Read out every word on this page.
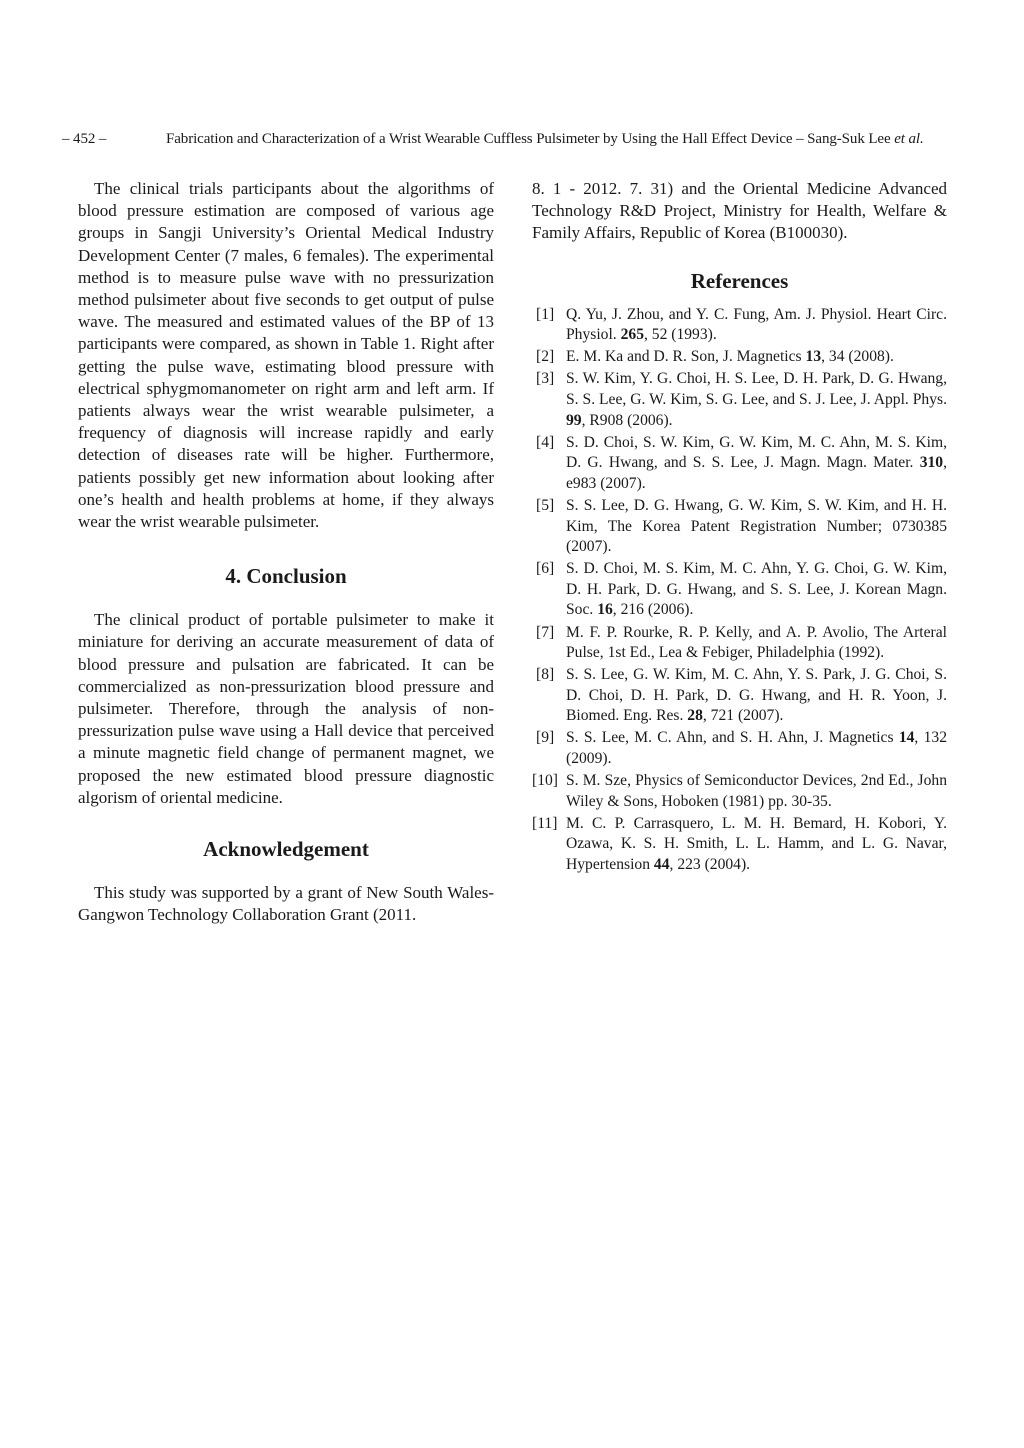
– 452 –	Fabrication and Characterization of a Wrist Wearable Cuffless Pulsimeter by Using the Hall Effect Device – Sang-Suk Lee et al.

The clinical trials participants about the algorithms of blood pressure estimation are composed of various age groups in Sangji University’s Oriental Medical Industry Development Center (7 males, 6 females). The experimental method is to measure pulse wave with no pressurization method pulsimeter about five seconds to get output of pulse wave. The measured and estimated values of the BP of 13 participants were compared, as shown in Table 1. Right after getting the pulse wave, estimating blood pressure with electrical sphygmomanometer on right arm and left arm. If patients always wear the wrist wearable pulsimeter, a frequency of diagnosis will increase rapidly and early detection of diseases rate will be higher. Furthermore, patients possibly get new information about looking after one’s health and health problems at home, if they always wear the wrist wearable pulsimeter.

4. Conclusion

The clinical product of portable pulsimeter to make it miniature for deriving an accurate measurement of data of blood pressure and pulsation are fabricated. It can be commercialized as non-pressurization blood pressure and pulsimeter. Therefore, through the analysis of non-pressurization pulse wave using a Hall device that perceived a minute magnetic field change of permanent magnet, we proposed the new estimated blood pressure diagnostic algorism of oriental medicine.

Acknowledgement

This study was supported by a grant of New South Wales-Gangwon Technology Collaboration Grant (2011.

8. 1 - 2012. 7. 31) and the Oriental Medicine Advanced Technology R&D Project, Ministry for Health, Welfare & Family Affairs, Republic of Korea (B100030).

References
[1] Q. Yu, J. Zhou, and Y. C. Fung, Am. J. Physiol. Heart Circ. Physiol. 265, 52 (1993).
[2] E. M. Ka and D. R. Son, J. Magnetics 13, 34 (2008).
[3] S. W. Kim, Y. G. Choi, H. S. Lee, D. H. Park, D. G. Hwang, S. S. Lee, G. W. Kim, S. G. Lee, and S. J. Lee, J. Appl. Phys. 99, R908 (2006).
[4] S. D. Choi, S. W. Kim, G. W. Kim, M. C. Ahn, M. S. Kim, D. G. Hwang, and S. S. Lee, J. Magn. Magn. Mater. 310, e983 (2007).
[5] S. S. Lee, D. G. Hwang, G. W. Kim, S. W. Kim, and H. H. Kim, The Korea Patent Registration Number; 0730385 (2007).
[6] S. D. Choi, M. S. Kim, M. C. Ahn, Y. G. Choi, G. W. Kim, D. H. Park, D. G. Hwang, and S. S. Lee, J. Korean Magn. Soc. 16, 216 (2006).
[7] M. F. P. Rourke, R. P. Kelly, and A. P. Avolio, The Arteral Pulse, 1st Ed., Lea & Febiger, Philadelphia (1992).
[8] S. S. Lee, G. W. Kim, M. C. Ahn, Y. S. Park, J. G. Choi, S. D. Choi, D. H. Park, D. G. Hwang, and H. R. Yoon, J. Biomed. Eng. Res. 28, 721 (2007).
[9] S. S. Lee, M. C. Ahn, and S. H. Ahn, J. Magnetics 14, 132 (2009).
[10] S. M. Sze, Physics of Semiconductor Devices, 2nd Ed., John Wiley & Sons, Hoboken (1981) pp. 30-35.
[11] M. C. P. Carrasquero, L. M. H. Bemard, H. Kobori, Y. Ozawa, K. S. H. Smith, L. L. Hamm, and L. G. Navar, Hypertension 44, 223 (2004).
